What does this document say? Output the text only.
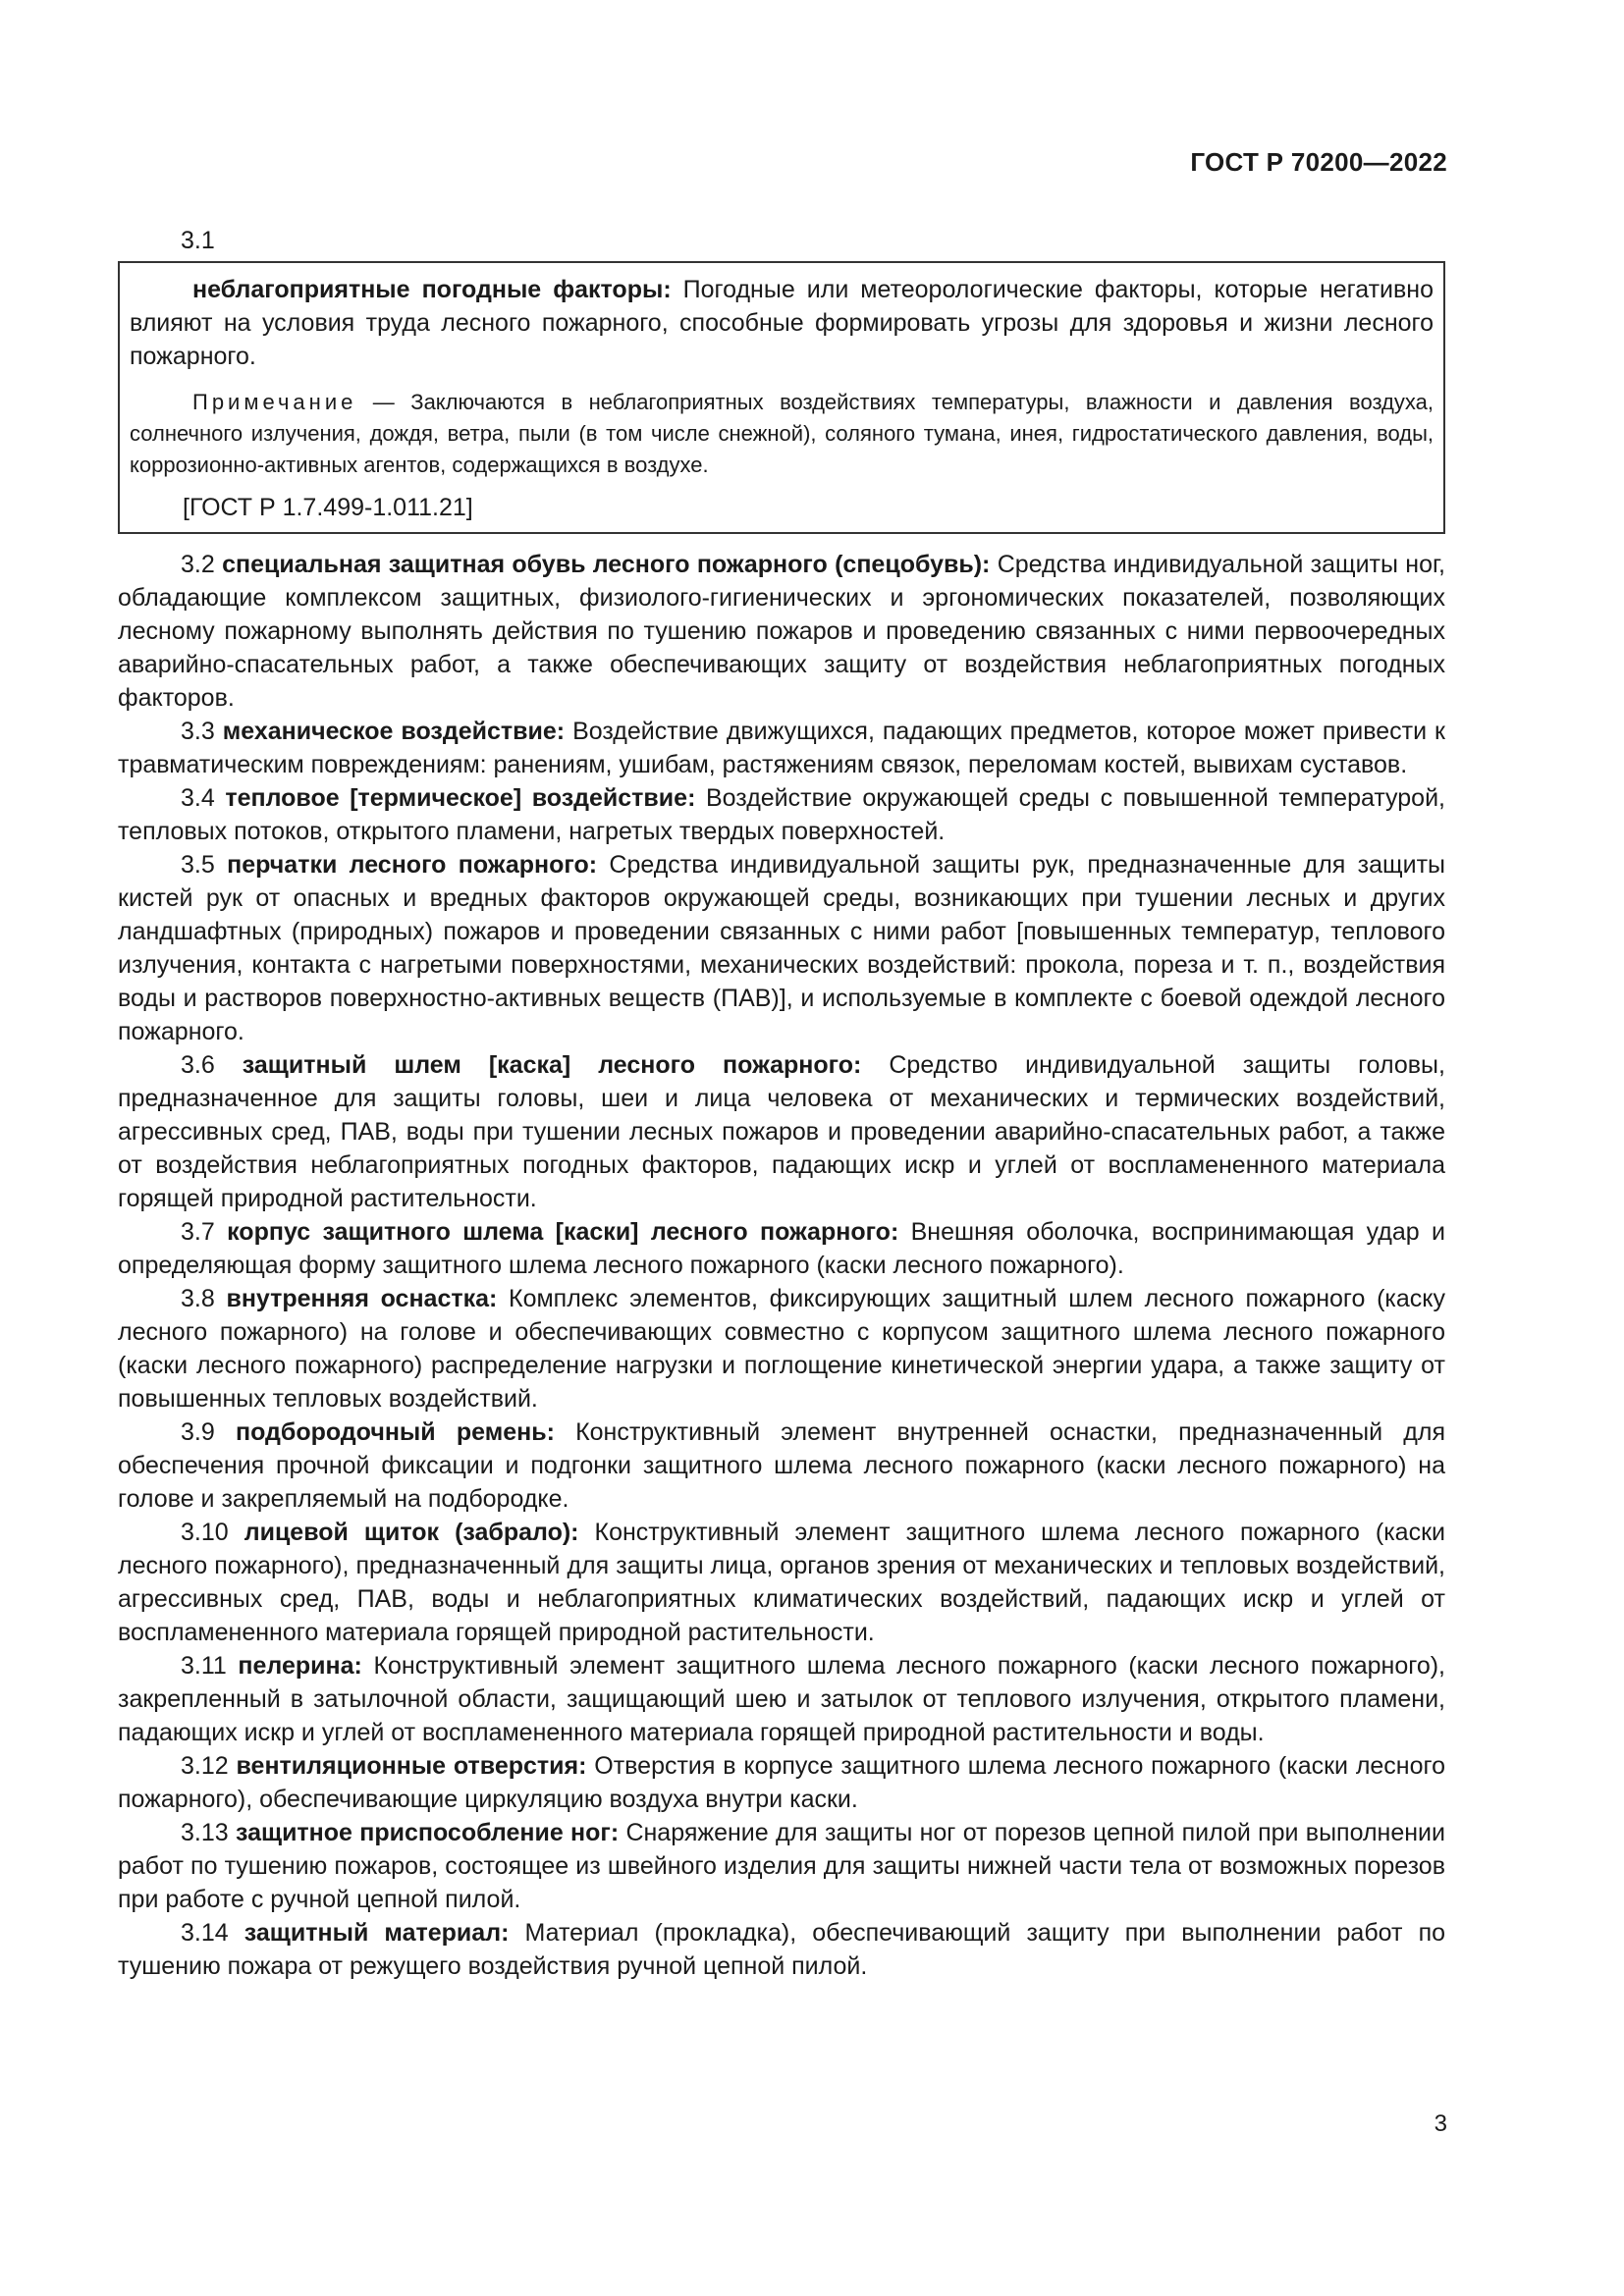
ГОСТ Р 70200—2022
3.1

неблагоприятные погодные факторы: Погодные или метеорологические факторы, которые негативно влияют на условия труда лесного пожарного, способные формировать угрозы для здоровья и жизни лесного пожарного.

Примечание — Заключаются в неблагоприятных воздействиях температуры, влажности и давления воздуха, солнечного излучения, дождя, ветра, пыли (в том числе снежной), соляного тумана, инея, гидростатического давления, воды, коррозионно-активных агентов, содержащихся в воздухе.
[ГОСТ Р 1.7.499-1.011.21]

3.2 специальная защитная обувь лесного пожарного (спецобувь): Средства индивидуальной защиты ног, обладающие комплексом защитных, физиолого-гигиенических и эргономических показателей, позволяющих лесному пожарному выполнять действия по тушению пожаров и проведению связанных с ними первоочередных аварийно-спасательных работ, а также обеспечивающих защиту от воздействия неблагоприятных погодных факторов.

3.3 механическое воздействие: Воздействие движущихся, падающих предметов, которое может привести к травматическим повреждениям: ранениям, ушибам, растяжениям связок, переломам костей, вывихам суставов.

3.4 тепловое [термическое] воздействие: Воздействие окружающей среды с повышенной температурой, тепловых потоков, открытого пламени, нагретых твердых поверхностей.

3.5 перчатки лесного пожарного: Средства индивидуальной защиты рук, предназначенные для защиты кистей рук от опасных и вредных факторов окружающей среды, возникающих при тушении лесных и других ландшафтных (природных) пожаров и проведении связанных с ними работ [повышенных температур, теплового излучения, контакта с нагретыми поверхностями, механических воздействий: прокола, пореза и т. п., воздействия воды и растворов поверхностно-активных веществ (ПАВ)], и используемые в комплекте с боевой одеждой лесного пожарного.

3.6 защитный шлем [каска] лесного пожарного: Средство индивидуальной защиты головы, предназначенное для защиты головы, шеи и лица человека от механических и термических воздействий, агрессивных сред, ПАВ, воды при тушении лесных пожаров и проведении аварийно-спасательных работ, а также от воздействия неблагоприятных погодных факторов, падающих искр и углей от воспламененного материала горящей природной растительности.

3.7 корпус защитного шлема [каски] лесного пожарного: Внешняя оболочка, воспринимающая удар и определяющая форму защитного шлема лесного пожарного (каски лесного пожарного).

3.8 внутренняя оснастка: Комплекс элементов, фиксирующих защитный шлем лесного пожарного (каску лесного пожарного) на голове и обеспечивающих совместно с корпусом защитного шлема лесного пожарного (каски лесного пожарного) распределение нагрузки и поглощение кинетической энергии удара, а также защиту от повышенных тепловых воздействий.

3.9 подбородочный ремень: Конструктивный элемент внутренней оснастки, предназначенный для обеспечения прочной фиксации и подгонки защитного шлема лесного пожарного (каски лесного пожарного) на голове и закрепляемый на подбородке.

3.10 лицевой щиток (забрало): Конструктивный элемент защитного шлема лесного пожарного (каски лесного пожарного), предназначенный для защиты лица, органов зрения от механических и тепловых воздействий, агрессивных сред, ПАВ, воды и неблагоприятных климатических воздействий, падающих искр и углей от воспламененного материала горящей природной растительности.

3.11 пелерина: Конструктивный элемент защитного шлема лесного пожарного (каски лесного пожарного), закрепленный в затылочной области, защищающий шею и затылок от теплового излучения, открытого пламени, падающих искр и углей от воспламененного материала горящей природной растительности и воды.

3.12 вентиляционные отверстия: Отверстия в корпусе защитного шлема лесного пожарного (каски лесного пожарного), обеспечивающие циркуляцию воздуха внутри каски.

3.13 защитное приспособление ног: Снаряжение для защиты ног от порезов цепной пилой при выполнении работ по тушению пожаров, состоящее из швейного изделия для защиты нижней части тела от возможных порезов при работе с ручной цепной пилой.

3.14 защитный материал: Материал (прокладка), обеспечивающий защиту при выполнении работ по тушению пожара от режущего воздействия ручной цепной пилой.

3
